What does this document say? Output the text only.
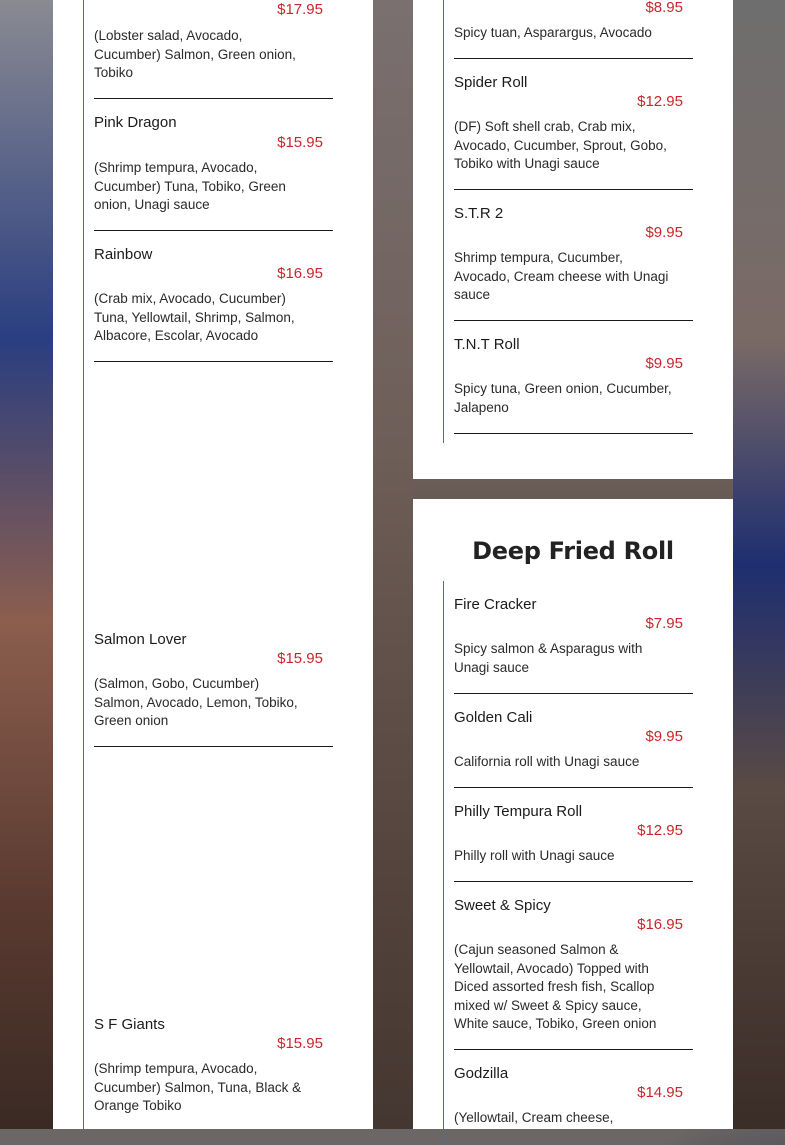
$17.95
(Lobster salad, Avocado, Cucumber) Salmon, Green onion, Tobiko
Pink Dragon
$15.95
(Shrimp tempura, Avocado, Cucumber) Tuna, Tobiko, Green onion, Unagi sauce
Rainbow
$16.95
(Crab mix, Avocado, Cucumber) Tuna, Yellowtail, Shrimp, Salmon, Albacore, Escolar, Avocado
Salmon Lover
$15.95
(Salmon, Gobo, Cucumber) Salmon, Avocado, Lemon, Tobiko, Green onion
S F Giants
$15.95
(Shrimp tempura, Avocado, Cucumber) Salmon, Tuna, Black & Orange Tobiko
$8.95
Spicy tuan, Asparargus, Avocado
Spider Roll
$12.95
(DF) Soft shell crab, Crab mix, Avocado, Cucumber, Sprout, Gobo, Tobiko with Unagi sauce
S.T.R 2
$9.95
Shrimp tempura, Cucumber, Avocado, Cream cheese with Unagi sauce
T.N.T Roll
$9.95
Spicy tuna, Green onion, Cucumber, Jalapeno
Deep Fried Roll
Fire Cracker
$7.95
Spicy salmon & Asparagus with Unagi sauce
Golden Cali
$9.95
California roll with Unagi sauce
Philly Tempura Roll
$12.95
Philly roll with Unagi sauce
Sweet & Spicy
$16.95
(Cajun seasoned Salmon & Yellowtail, Avocado) Topped with Diced assorted fresh fish, Scallop mixed w/ Sweet & Spicy sauce, White sauce, Tobiko, Green onion
Godzilla
$14.95
(Yellowtail, Cream cheese,
